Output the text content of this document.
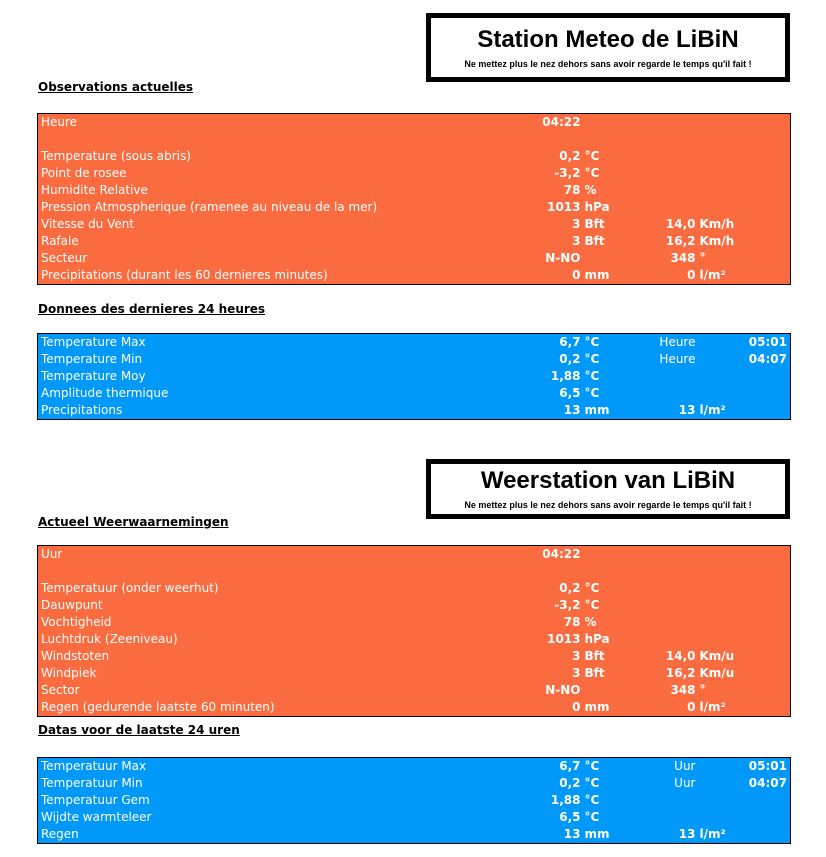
Station Meteo de LiBiN
Ne mettez plus le nez dehors sans avoir regarde le temps qu'il fait !
Observations actuelles
Heure	04:22				

Temperature (sous abris)	0,2	°C			
Point de rosee	-3,2	°C			
Humidite Relative	78	%			
Pression Atmospherique (ramenee au niveau de la mer)	1013	hPa			
Vitesse du Vent	3	Bft	14,0	Km/h	
Rafale	3	Bft	16,2	Km/h	
Secteur	N-NO		348	°	
Precipitations (durant les 60 dernieres minutes)	0	mm	0	l/m²	
Donnees des dernieres 24 heures
Temperature Max	6,7	°C	Heure		05:01
Temperature Min	0,2	°C	Heure		04:07
Temperature Moy	1,88	°C			
Amplitude thermique	6,5	°C			
Precipitations	13	mm	13	l/m²	
Weerstation van LiBiN
Ne mettez plus le nez dehors sans avoir regarde le temps qu'il fait !
Actueel Weerwaarnemingen
Uur	04:22				

Temperatuur (onder weerhut)	0,2	°C			
Dauwpunt	-3,2	°C			
Vochtigheid	78	%			
Luchtdruk (Zeeniveau)	1013	hPa			
Windstoten	3	Bft	14,0	Km/u	
Windpiek	3	Bft	16,2	Km/u	
Sector	N-NO		348	°	
Regen (gedurende laatste 60 minuten)	0	mm	0	l/m²	
Datas voor de laatste 24 uren
Temperatuur Max	6,7	°C	Uur		05:01
Temperatuur Min	0,2	°C	Uur		04:07
Temperatuur Gem	1,88	°C			
Wijdte warmteleer	6,5	°C			
Regen	13	mm	13	l/m²	
